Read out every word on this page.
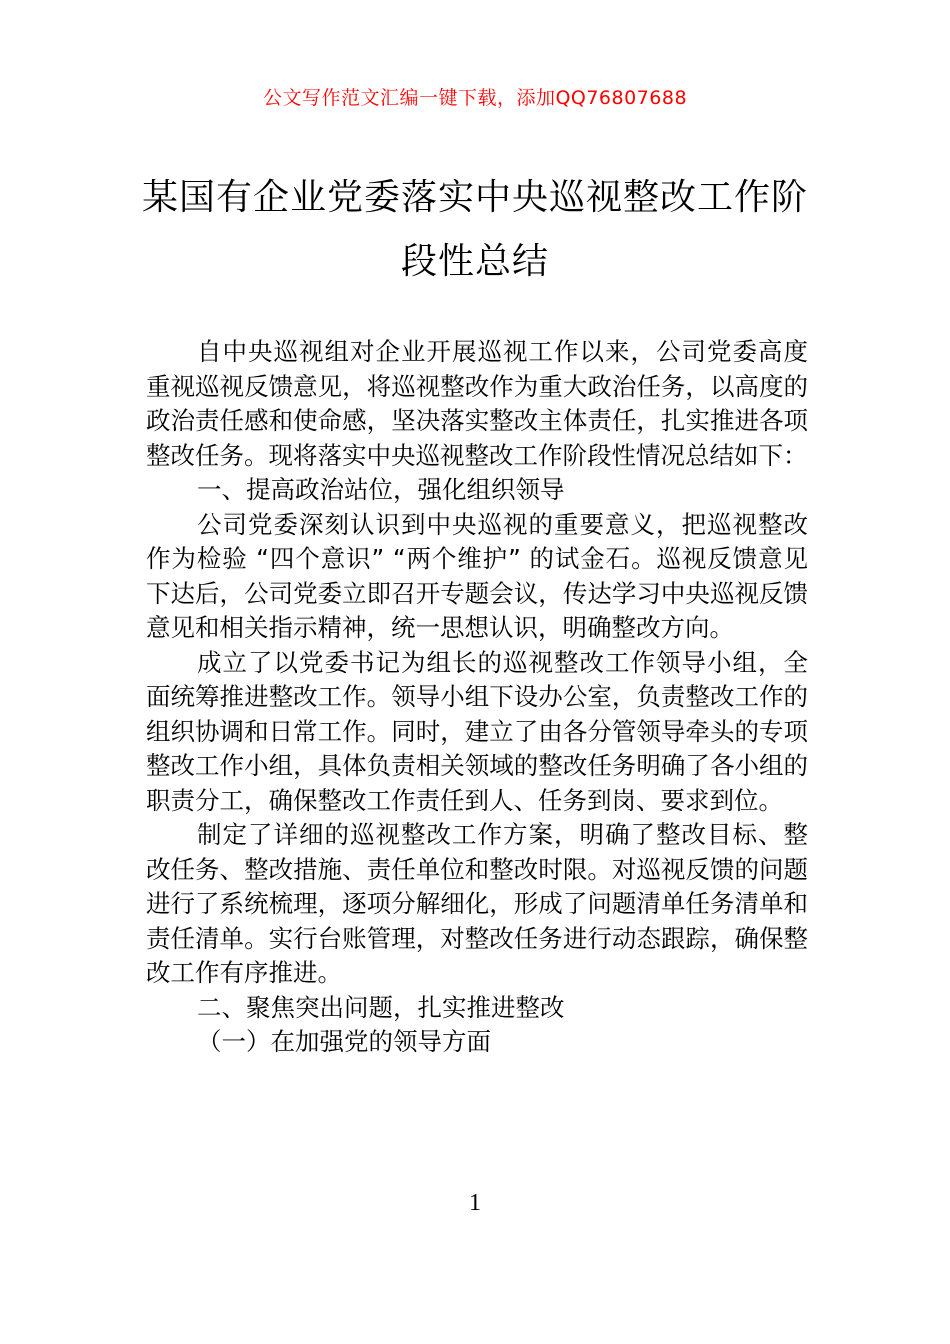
公文写作范文汇编一键下载，添加QQ76807688
某国有企业党委落实中央巡视整改工作阶段性总结

自中央巡视组对企业开展巡视工作以来，公司党委高度重视巡视反馈意见，将巡视整改作为重大政治任务，以高度的政治责任感和使命感，坚决落实整改主体责任，扎实推进各项整改任务。现将落实中央巡视整改工作阶段性情况总结如下：

一、提高政治站位，强化组织领导

公司党委深刻认识到中央巡视的重要意义，把巡视整改作为检验 “四个意识” “两个维护” 的试金石。巡视反馈意见下达后，公司党委立即召开专题会议，传达学习中央巡视反馈意见和相关指示精神，统一思想认识，明确整改方向。

成立了以党委书记为组长的巡视整改工作领导小组，全面统筹推进整改工作。领导小组下设办公室，负责整改工作的组织协调和日常工作。同时，建立了由各分管领导牵头的专项整改工作小组，具体负责相关领域的整改任务明确了各小组的职责分工，确保整改工作责任到人、任务到岗、要求到位。

制定了详细的巡视整改工作方案，明确了整改目标、整改任务、整改措施、责任单位和整改时限。对巡视反馈的问题进行了系统梳理，逐项分解细化，形成了问题清单任务清单和责任清单。实行台账管理，对整改任务进行动态跟踪，确保整改工作有序推进。

二、聚焦突出问题，扎实推进整改

（一）在加强党的领导方面

1
